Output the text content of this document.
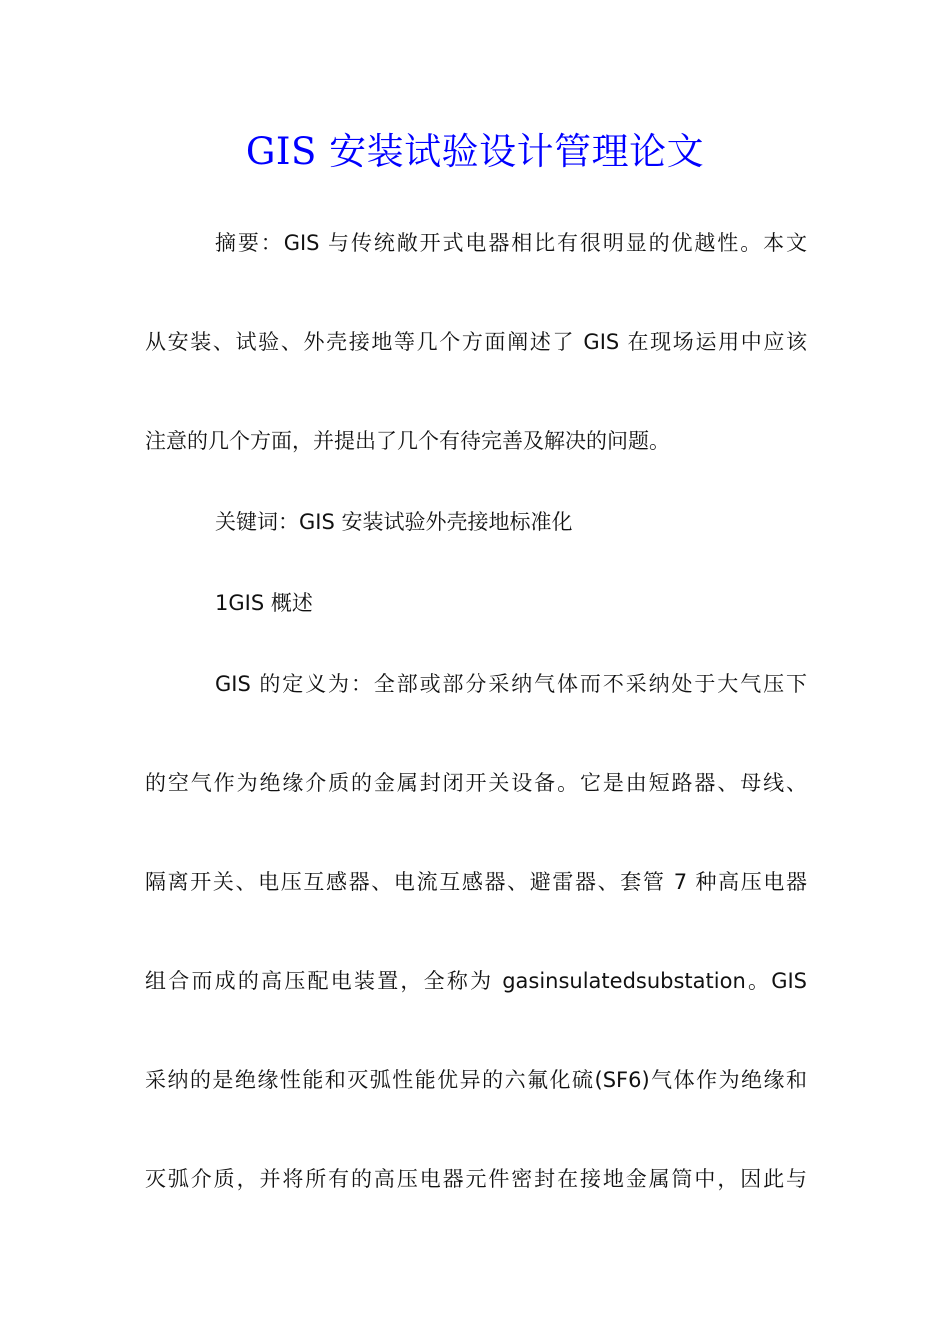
GIS 安装试验设计管理论文

摘要：GIS 与传统敞开式电器相比有很明显的优越性。本文

从安装、试验、外壳接地等几个方面阐述了 GIS 在现场运用中应该

注意的几个方面，并提出了几个有待完善及解决的问题。

关键词：GIS 安装试验外壳接地标准化

1GIS 概述

GIS 的定义为：全部或部分采纳气体而不采纳处于大气压下

的空气作为绝缘介质的金属封闭开关设备。它是由短路器、母线、

隔离开关、电压互感器、电流互感器、避雷器、套管 7 种高压电器

组合而成的高压配电装置，全称为 gasinsulatedsubstation。GIS

采纳的是绝缘性能和灭弧性能优异的六氟化硫(SF6)气体作为绝缘和

灭弧介质，并将所有的高压电器元件密封在接地金属筒中，因此与
